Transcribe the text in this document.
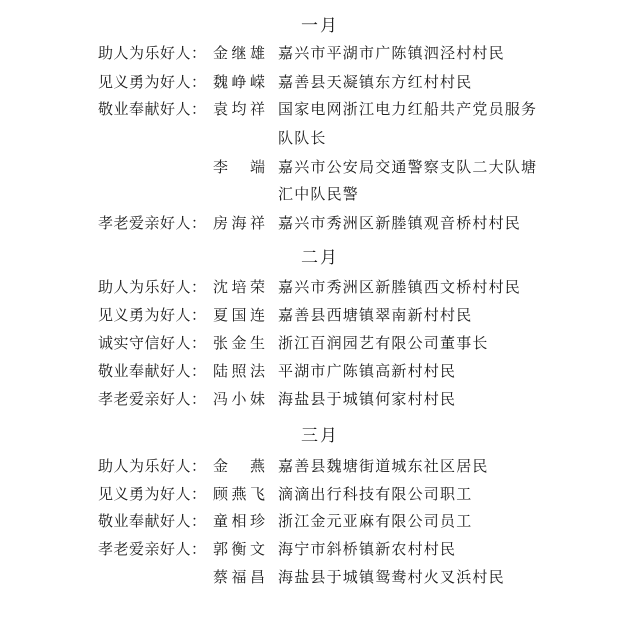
一月
助人为乐好人： 金继雄 嘉兴市平湖市广陈镇泗泾村村民
见义勇为好人： 魏峥嵘 嘉善县天凝镇东方红村村民
敬业奉献好人： 袁均祥 国家电网浙江电力红船共产党员服务
队队长
李　端 嘉兴市公安局交通警察支队二大队塘
汇中队民警
孝老爱亲好人： 房海祥 嘉兴市秀洲区新塍镇观音桥村村民
二月
助人为乐好人： 沈培荣 嘉兴市秀洲区新塍镇西文桥村村民
见义勇为好人： 夏国连 嘉善县西塘镇翠南新村村民
诚实守信好人： 张金生 浙江百润园艺有限公司董事长
敬业奉献好人： 陆照法 平湖市广陈镇高新村村民
孝老爱亲好人： 冯小妹 海盐县于城镇何家村村民
三月
助人为乐好人： 金　燕 嘉善县魏塘街道城东社区居民
见义勇为好人： 顾燕飞 滴滴出行科技有限公司职工
敬业奉献好人： 童相珍 浙江金元亚麻有限公司员工
孝老爱亲好人： 郭衡文 海宁市斜桥镇新农村村民
蔡福昌 海盐县于城镇鸳鸯村火叉浜村民
